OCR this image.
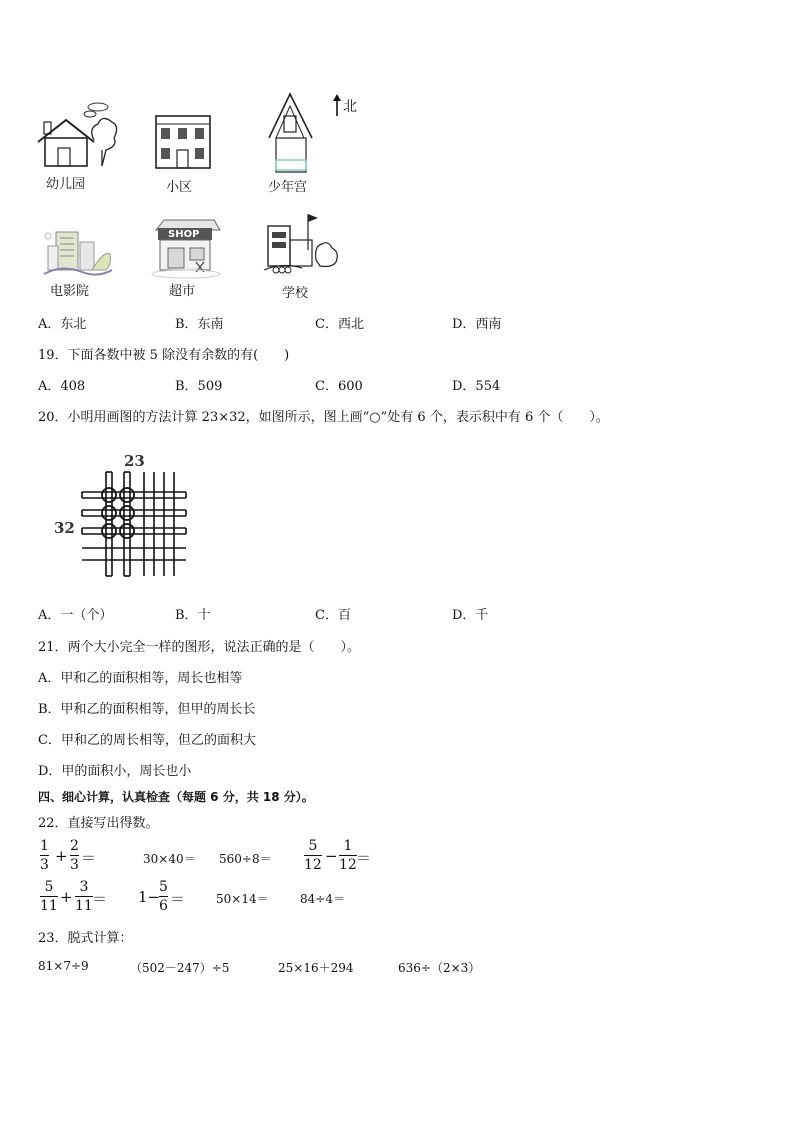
北
幼儿园	小区	少年宫
电影院
SHOP
超市	学校
A．东北	B．东南	C．西北	D．西南
19．下面各数中被 5 除没有余数的有(　　)
A．408	B．509	C．600	D．554
20．小明用画图的方法计算 23×32，如图所示，图上画“○”处有 6 个，表示积中有 6 个（　　）。
23
32
A．一（个）	B．十	C．百	D．千
21．两个大小完全一样的图形，说法正确的是（　　）。
A．甲和乙的面积相等，周长也相等
B．甲和乙的面积相等，但甲的周长长
C．甲和乙的周长相等，但乙的面积大
D．甲的面积小，周长也小
四、细心计算，认真检查（每题 6 分，共 18 分）。
22．直接写出得数。
1
3 +
2
3 ＝	30×40＝ 560÷8＝
5
12 −
1
12 ＝
5
11 +
3
11 ＝ 1−
5
6 ＝	50×14＝	84÷4＝
23．脱式计算：
81×7÷9	（502－247）÷5	25×16＋294	636÷（2×3）
